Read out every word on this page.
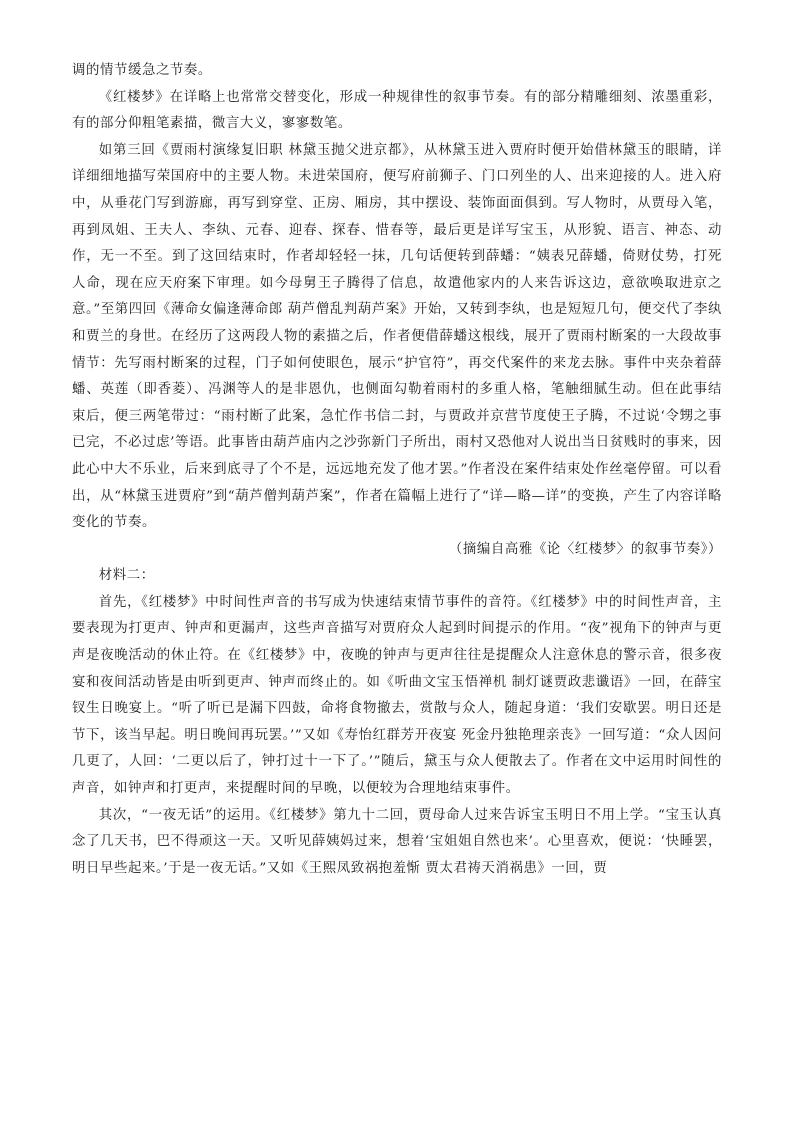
调的情节缓急之节奏。

《红楼梦》在详略上也常常交替变化，形成一种规律性的叙事节奏。有的部分精雕细刻、浓墨重彩，有的部分仰粗笔素描，微言大义，寥寥数笔。

如第三回《贾雨村演缘复旧职 林黛玉抛父进京都》，从林黛玉进入贾府时便开始借林黛玉的眼睛，详详细细地描写荣国府中的主要人物。未进荣国府，便写府前狮子、门口列坐的人、出来迎接的人。进入府中，从垂花门写到游廊，再写到穿堂、正房、厢房，其中摆设、装饰面面俱到。写人物时，从贾母入笔，再到凤姐、王夫人、李纨、元春、迎春、探春、惜春等，最后更是详写宝玉，从形貌、语言、神态、动作，无一不至。到了这回结束时，作者却轻轻一抹，几句话便转到薛蟠：“姨表兄薛蟠，倚财仗势，打死人命，现在应天府案下审理。如今母舅王子腾得了信息，故遣他家内的人来告诉这边，意欲唤取进京之意。”至第四回《薄命女偏逢薄命郎 葫芦僧乱判葫芦案》开始，又转到李纨，也是短短几句，便交代了李纨和贾兰的身世。在经历了这两段人物的素描之后，作者便借薛蟠这根线，展开了贾雨村断案的一大段故事情节：先写雨村断案的过程，门子如何使眼色，展示“护官符”，再交代案件的来龙去脉。事件中夹杂着薛蟠、英莲（即香菱）、冯渊等人的是非恩仇，也侧面勾勒着雨村的多重人格，笔触细腻生动。但在此事结束后，便三两笔带过：“雨村断了此案，急忙作书信二封，与贾政并京营节度使王子腾，不过说‘令甥之事已完，不必过虑’等语。此事皆由葫芦庙内之沙弥新门子所出，雨村又恐他对人说出当日贫贱时的事来，因此心中大不乐业，后来到底寻了个不是，远远地充发了他才罢。”作者没在案件结束处作丝毫停留。可以看出，从“林黛玉进贾府”到“葫芦僧判葫芦案”，作者在篇幅上进行了“详—略—详”的变换，产生了内容详略变化的节奏。

（摘编自高雅《论〈红楼梦〉的叙事节奏》）

材料二：

首先，《红楼梦》中时间性声音的书写成为快速结束情节事件的音符。《红楼梦》中的时间性声音，主要表现为打更声、钟声和更漏声，这些声音描写对贾府众人起到时间提示的作用。“夜”视角下的钟声与更声是夜晚活动的休止符。在《红楼梦》中，夜晚的钟声与更声往往是提醒众人注意休息的警示音，很多夜宴和夜间活动皆是由听到更声、钟声而终止的。如《听曲文宝玉悟禅机 制灯谜贾政悲谶语》一回，在薛宝钗生日晚宴上。“听了听已是漏下四鼓，命将食物撤去，赏散与众人，随起身道：‘我们安歇罢。明日还是节下，该当早起。明日晚间再玩罢。’”又如《寿怡红群芳开夜宴 死金丹独艳理亲丧》一回写道：“众人因问几更了，人回：‘二更以后了，钟打过十一下了。’”随后，黛玉与众人便散去了。作者在文中运用时间性的声音，如钟声和打更声，来提醒时间的早晚，以便较为合理地结束事件。

其次，“一夜无话”的运用。《红楼梦》第九十二回，贾母命人过来告诉宝玉明日不用上学。“宝玉认真念了几天书，巴不得顽这一天。又听见薛姨妈过来，想着‘宝姐姐自然也来’。心里喜欢，便说：‘快睡罢，明日早些起来。’于是一夜无话。”又如《王熙凤致祸抱羞惭 贾太君祷天消祸患》一回，贾
